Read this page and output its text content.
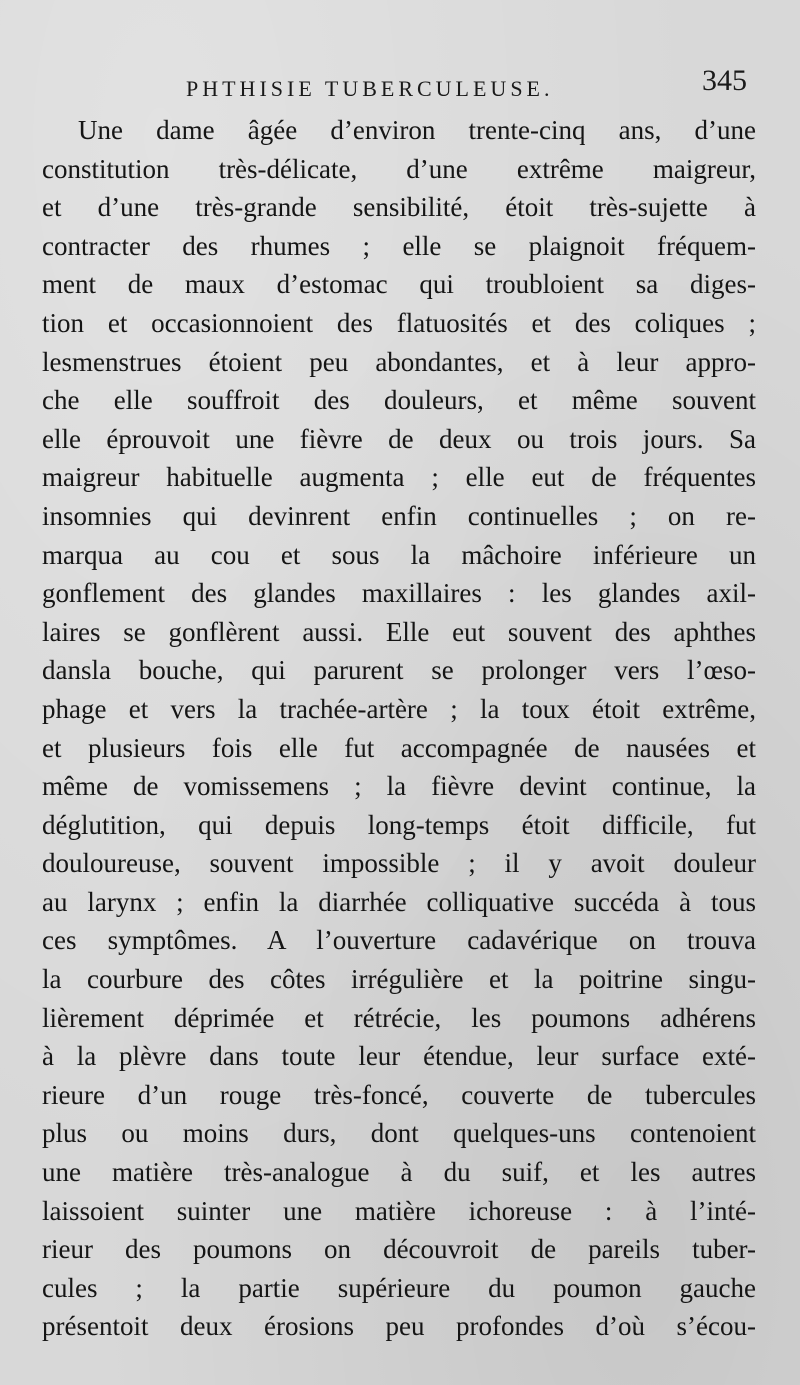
PHTHISIE TUBERCULEUSE.	345
Une dame âgée d’environ trente-cinq ans, d’une
constitution très-délicate, d’une extrême maigreur,
et d’une très-grande sensibilité, étoit très-sujette à
contracter des rhumes ; elle se plaignoit fréquem-
ment de maux d’estomac qui troubloient sa diges-
tion et occasionnoient des flatuosités et des coliques ;
lesmenstrues étoient peu abondantes, et à leur appro-
che elle souffroit des douleurs, et même souvent
elle éprouvoit une fièvre de deux ou trois jours. Sa
maigreur habituelle augmenta ; elle eut de fréquentes
insomnies qui devinrent enfin continuelles ; on re-
marqua au cou et sous la mâchoire inférieure un
gonflement des glandes maxillaires : les glandes axil-
laires se gonflèrent aussi. Elle eut souvent des aphthes
dansla bouche, qui parurent se prolonger vers l’œso-
phage et vers la trachée-artère ; la toux étoit extrême,
et plusieurs fois elle fut accompagnée de nausées et
même de vomissemens ; la fièvre devint continue, la
déglutition, qui depuis long-temps étoit difficile, fut
douloureuse, souvent impossible ; il y avoit douleur
au larynx ; enfin la diarrhée colliquative succéda à tous
ces symptômes. A l’ouverture cadavérique on trouva
la courbure des côtes irrégulière et la poitrine singu-
lièrement déprimée et rétrécie, les poumons adhérens
à la plèvre dans toute leur étendue, leur surface exté-
rieure d’un rouge très-foncé, couverte de tubercules
plus ou moins durs, dont quelques-uns contenoient
une matière très-analogue à du suif, et les autres
laissoient suinter une matière ichoreuse : à l’inté-
rieur des poumons on découvroit de pareils tuber-
cules ; la partie supérieure du poumon gauche
présentoit deux érosions peu profondes d’où s’écou-
